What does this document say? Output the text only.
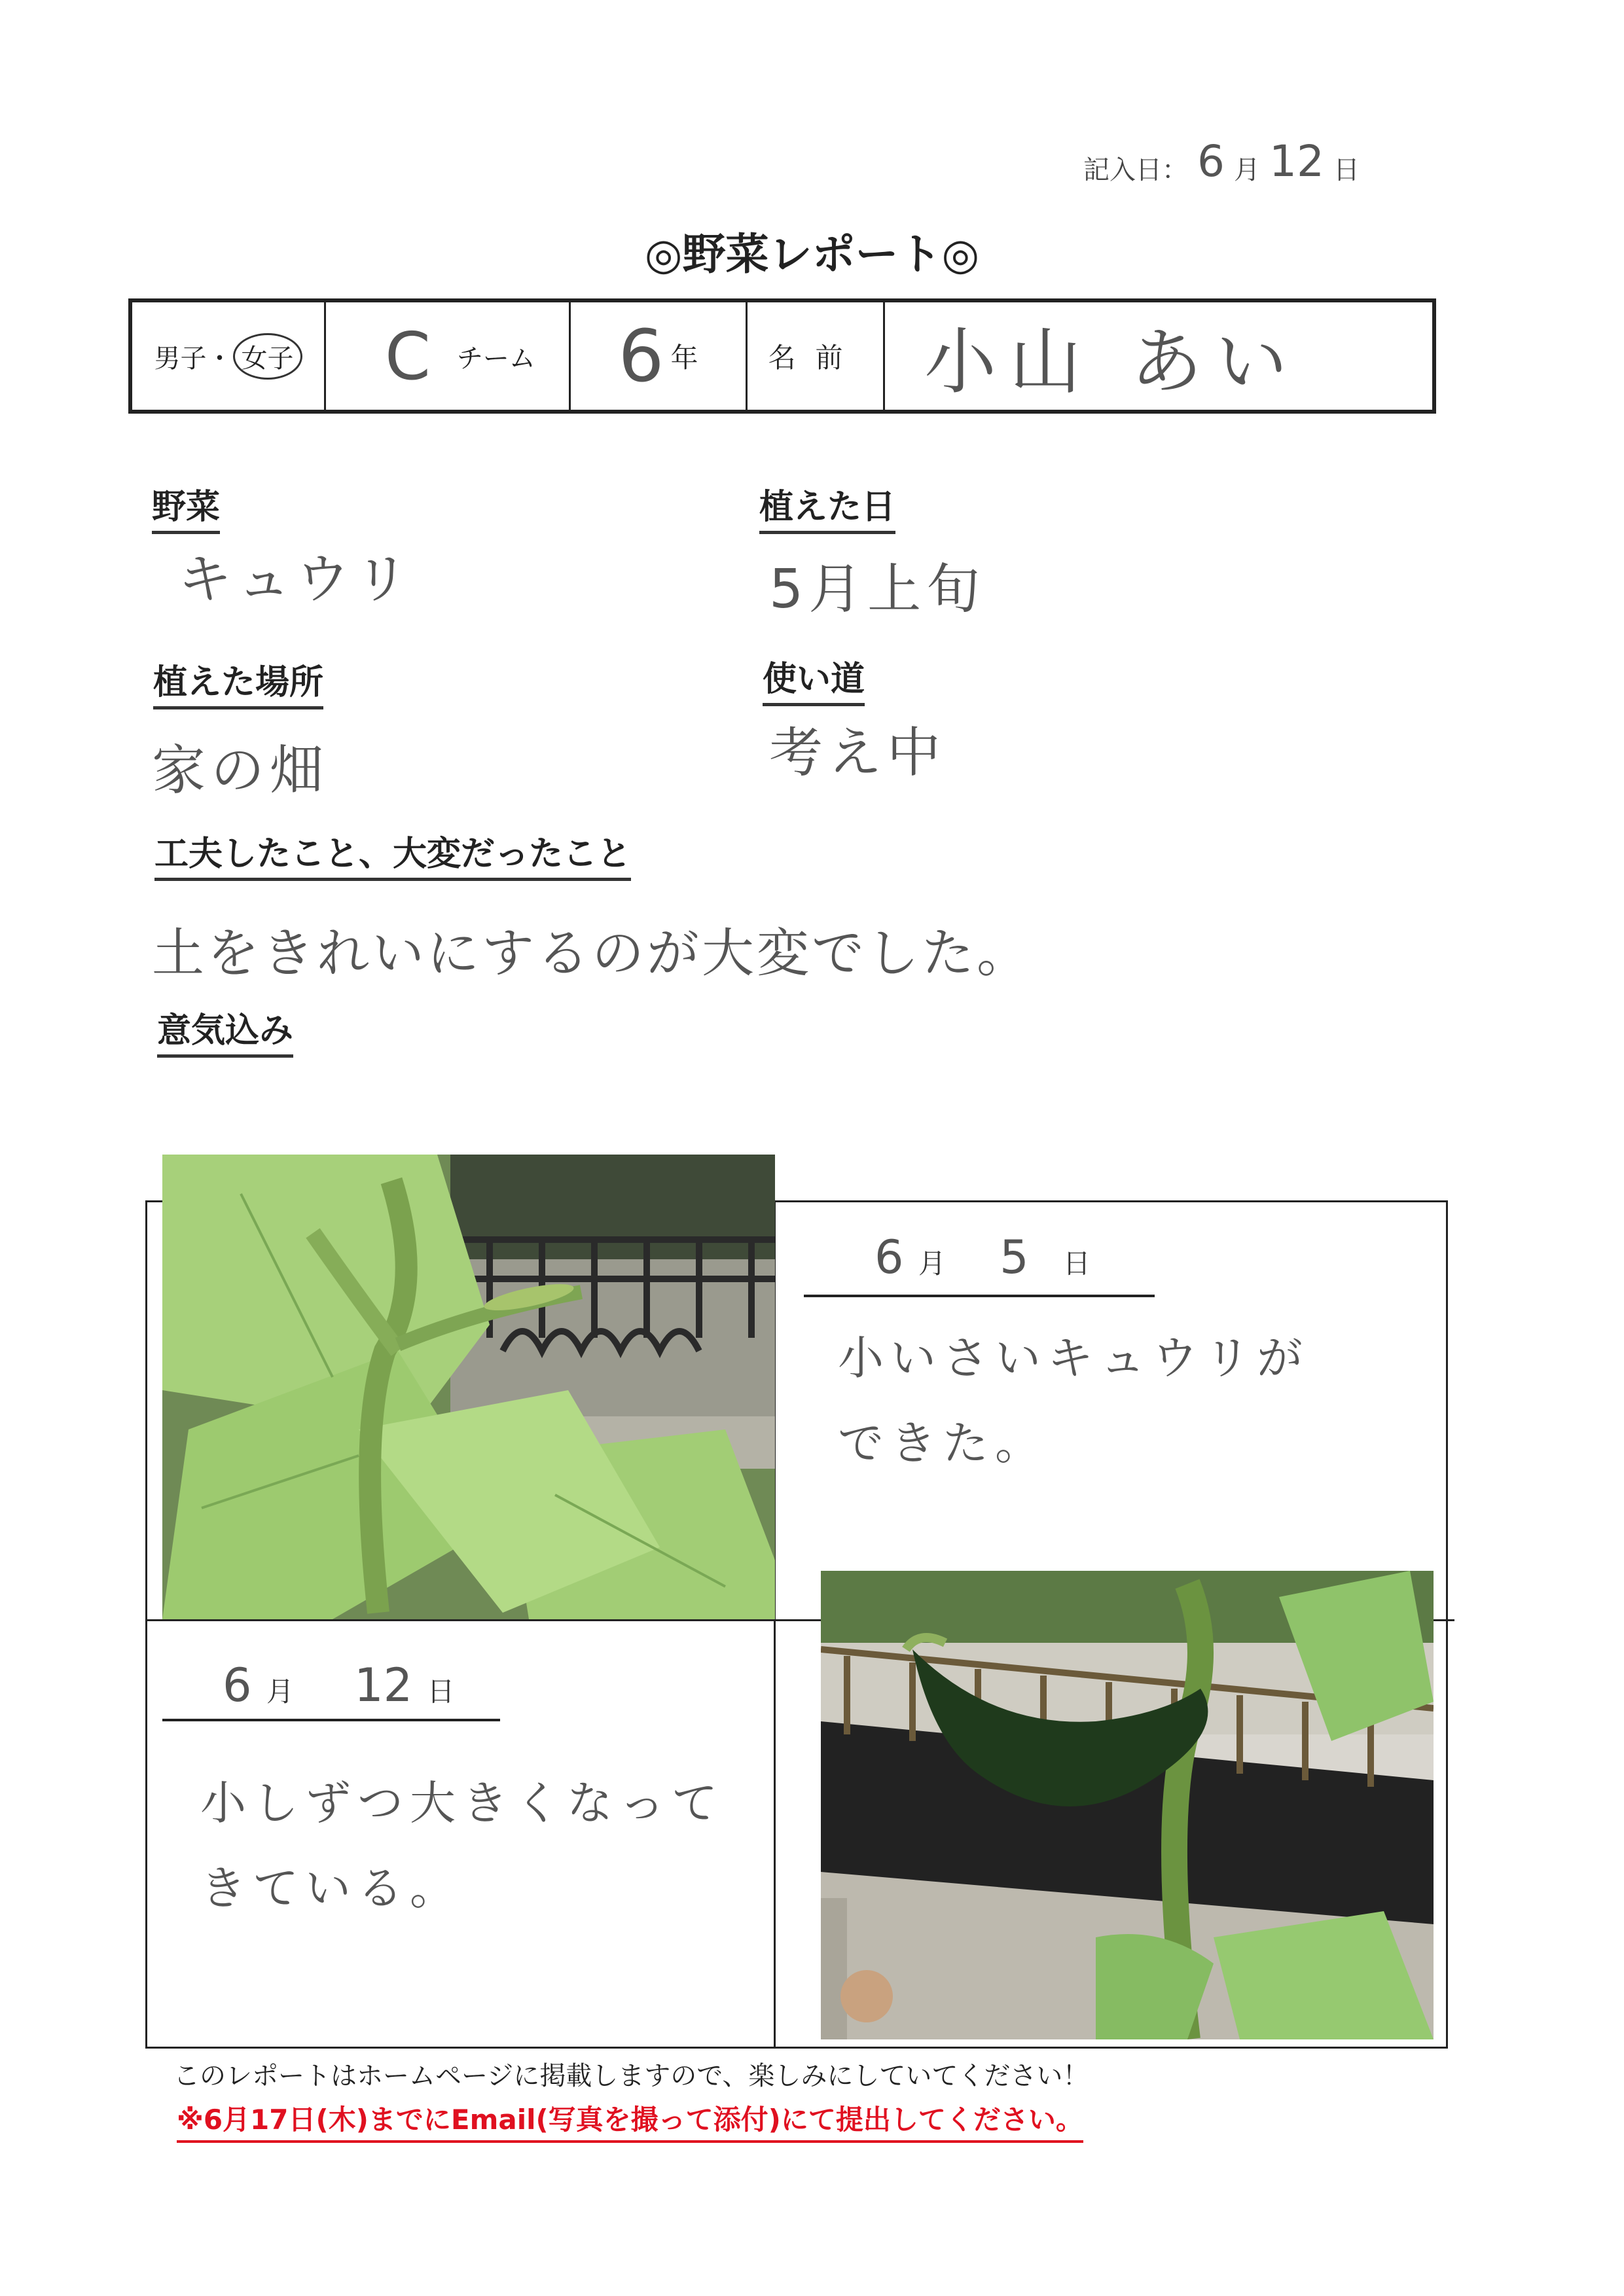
記入日： 6 月 12 日
◎野菜レポート◎
男子 ・ 女子 C チーム 6 年	名前 小山 あい
野菜
キュウリ
植えた日
5月上旬
植えた場所
家の畑
使い道
考え中
工夫したこと、大変だったこと
土をきれいにするのが大変でした。
意気込み
6 月 5 日
小いさいキュウリが
できた。
6 月 12 日
小しずつ大きくなって
きている。
このレポートはホームページに掲載しますので、楽しみにしていてください！
※6月17日(木)までにEmail(写真を撮って添付)にて提出してください。
